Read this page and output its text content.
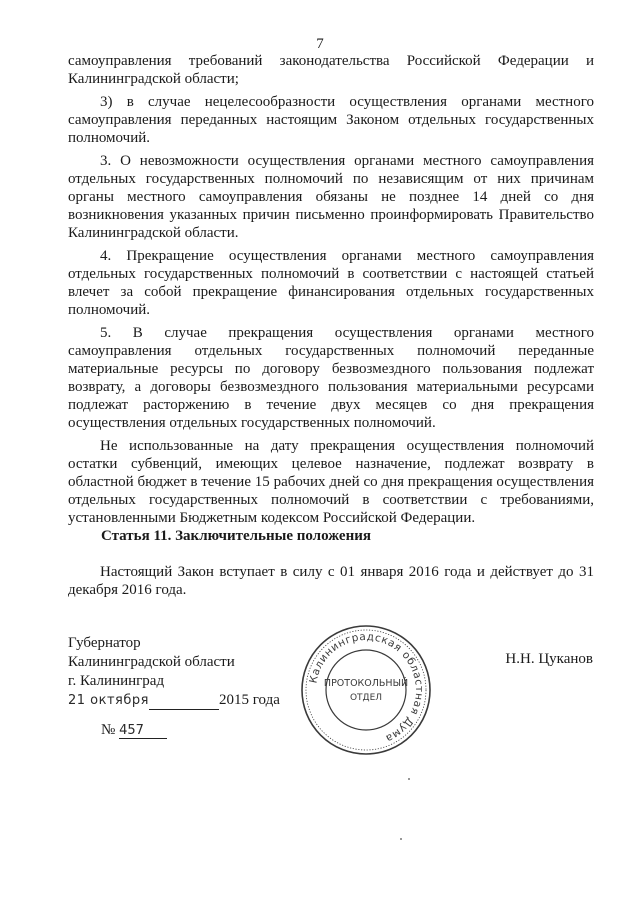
7

самоуправления требований законодательства Российской Федерации и Калининградской области;

3) в случае нецелесообразности осуществления органами местного самоуправления переданных настоящим Законом отдельных государственных полномочий.

3. О невозможности осуществления органами местного самоуправления отдельных государственных полномочий по независящим от них причинам органы местного самоуправления обязаны не позднее 14 дней со дня возникновения указанных причин письменно проинформировать Правительство Калининградской области.

4. Прекращение осуществления органами местного самоуправления отдельных государственных полномочий в соответствии с настоящей статьей влечет за собой прекращение финансирования отдельных государственных полномочий.

5. В случае прекращения осуществления органами местного самоуправления отдельных государственных полномочий переданные материальные ресурсы по договору безвозмездного пользования подлежат возврату, а договоры безвозмездного пользования материальными ресурсами подлежат расторжению в течение двух месяцев со дня прекращения осуществления отдельных государственных полномочий.

Не использованные на дату прекращения осуществления полномочий остатки субвенций, имеющих целевое назначение, подлежат возврату в областной бюджет в течение 15 рабочих дней со дня прекращения осуществления отдельных государственных полномочий в соответствии с требованиями, установленными Бюджетным кодексом Российской Федерации.

Статья 11. Заключительные положения

Настоящий Закон вступает в силу с 01 января 2016 года и действует до 31 декабря 2016 года.

Губернатор
Калининградской области
г. Калининград
21 октября	2015 года
№ 457
Н.Н. Цуканов
Калининградская областная Дума
ПРОТОКОЛЬНЫЙ
ОТДЕЛ
